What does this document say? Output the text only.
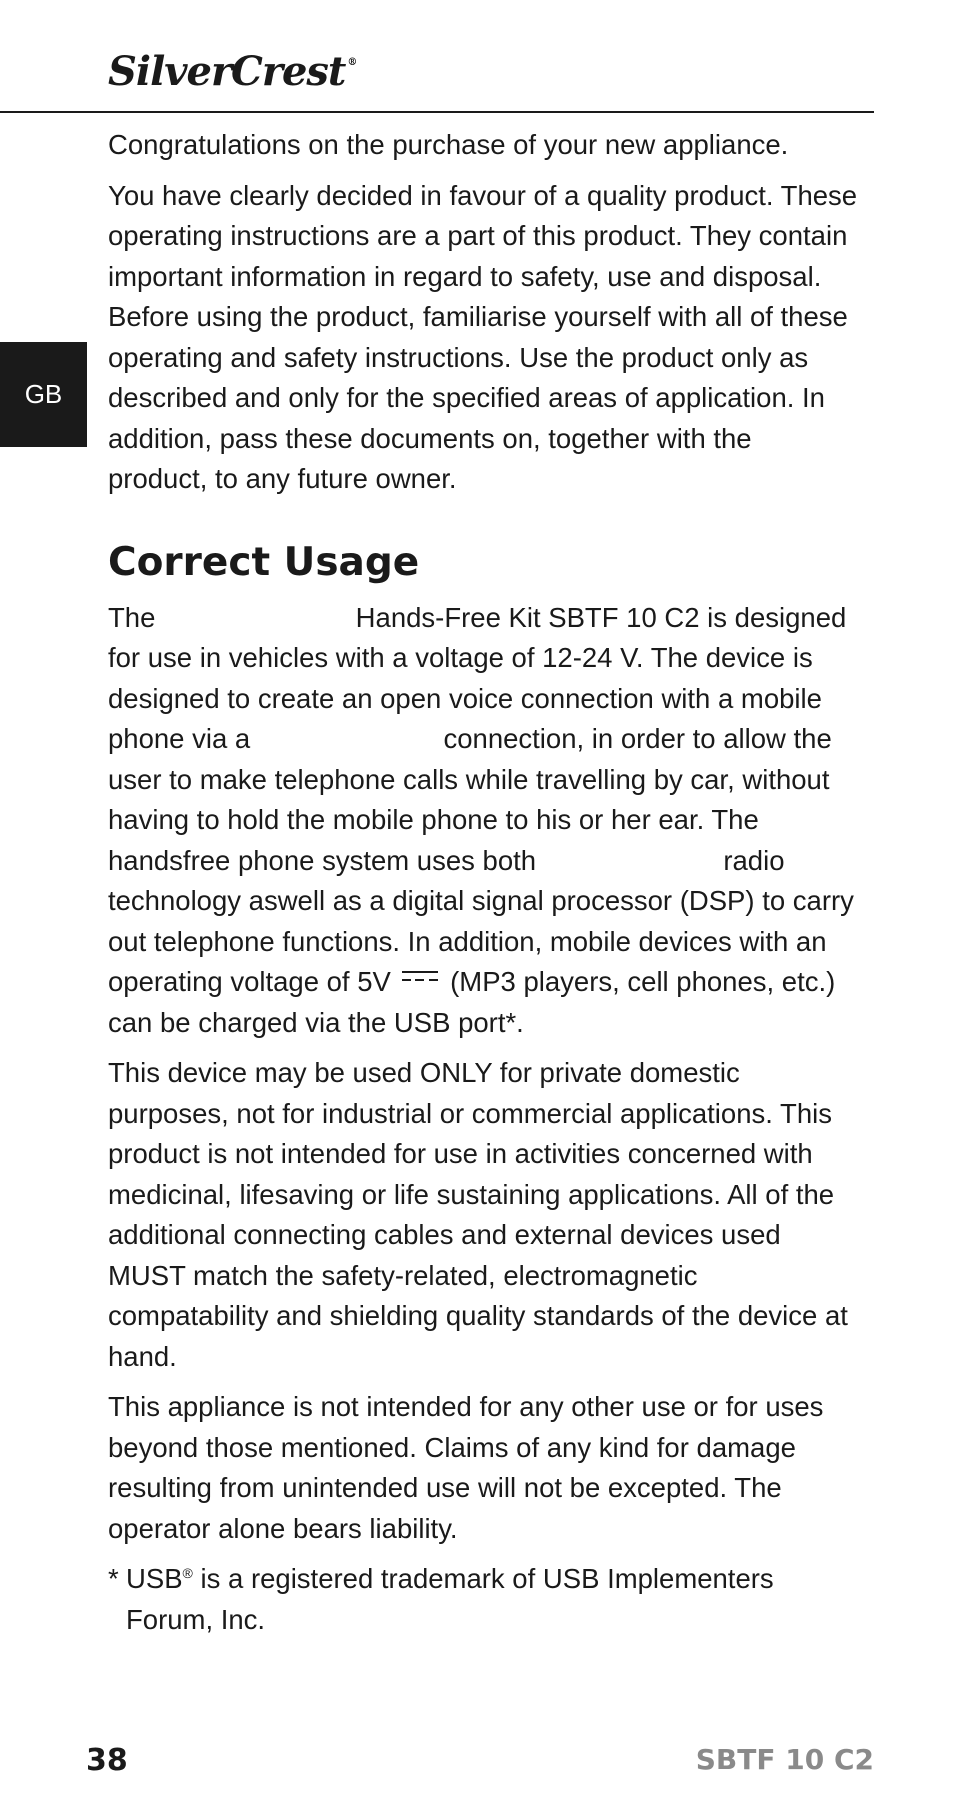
SilverCrest ®
GB

Congratulations on the purchase of your new appliance.

You have clearly decided in favour of a quality product. These operating instructions are a part of this product. They contain important information in regard to safety, use and disposal. Before using the product, familiarise yourself with all of these operating and safety instructions. Use the product only as described and only for the specified areas of application. In addition, pass these documents on, together with the product, to any future owner.

Correct Usage

The	Hands-Free Kit SBTF 10 C2 is designed for use in vehicles with a voltage of 12-24 V. The device is designed to create an open voice connection with a mobile phone via a	connection, in order to allow the user to make telephone calls while travelling by car, without having to hold the mobile phone to his or her ear. The handsfree phone system uses both	radio technology aswell as a digital signal processor (DSP) to carry out telephone functions. In addition, mobile devices with an operating voltage of 5V (MP3 players, cell phones, etc.) can be charged via the USB port*.

This device may be used ONLY for private domestic purposes, not for industrial or commercial applications. This product is not intended for use in activities concerned with medicinal, lifesaving or life sustaining applications. All of the additional connecting cables and external devices used MUST match the safety-related, electromagnetic compatability and shielding quality standards of the device at hand.

This appliance is not intended for any other use or for uses beyond those mentioned. Claims of any kind for damage resulting from unintended use will not be excepted. The operator alone bears liability.

* USB® is a registered trademark of USB Implementers Forum, Inc.

38	SBTF 10 C2
